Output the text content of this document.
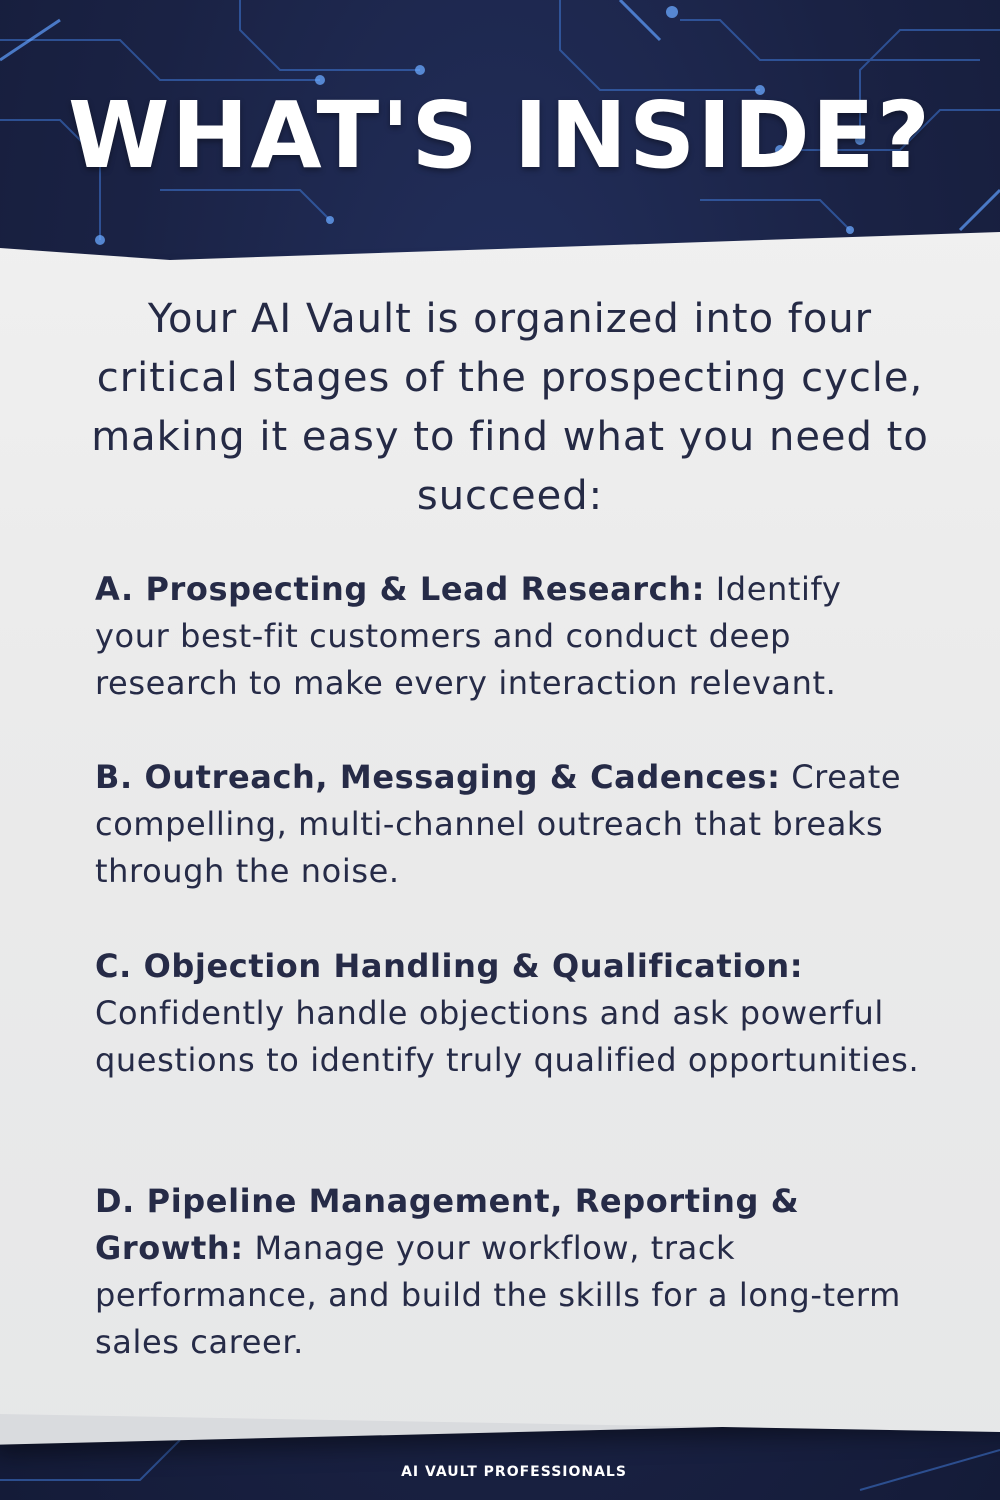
WHAT'S INSIDE?

Your AI Vault is organized into four critical stages of the prospecting cycle, making it easy to find what you need to succeed:

A. Prospecting & Lead Research: Identify your best-fit customers and conduct deep research to make every interaction relevant.

B. Outreach, Messaging & Cadences: Create compelling, multi-channel outreach that breaks through the noise.

C. Objection Handling & Qualification: Confidently handle objections and ask powerful questions to identify truly qualified opportunities.

D. Pipeline Management, Reporting & Growth: Manage your workflow, track performance, and build the skills for a long-term sales career.

AI VAULT PROFESSIONALS
